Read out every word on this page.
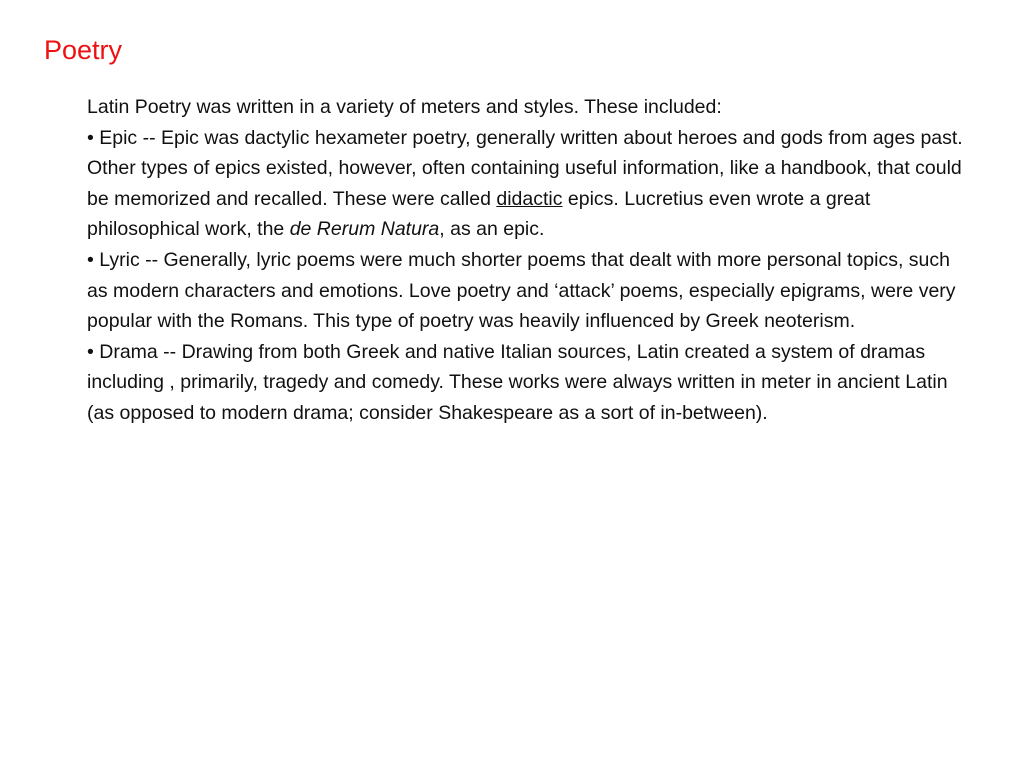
Poetry

Latin Poetry was written in a variety of meters and styles. These included:

• Epic -- Epic was dactylic hexameter poetry, generally written about heroes and gods from ages past. Other types of epics existed, however, often containing useful information, like a handbook, that could be memorized and recalled. These were called didactic epics. Lucretius even wrote a great philosophical work, the de Rerum Natura, as an epic.

• Lyric -- Generally, lyric poems were much shorter poems that dealt with more personal topics, such as modern characters and emotions. Love poetry and ‘attack’ poems, especially epigrams, were very popular with the Romans. This type of poetry was heavily influenced by Greek neoterism.

• Drama -- Drawing from both Greek and native Italian sources, Latin created a system of dramas including , primarily, tragedy and comedy. These works were always written in meter in ancient Latin (as opposed to modern drama; consider Shakespeare as a sort of in-between).
